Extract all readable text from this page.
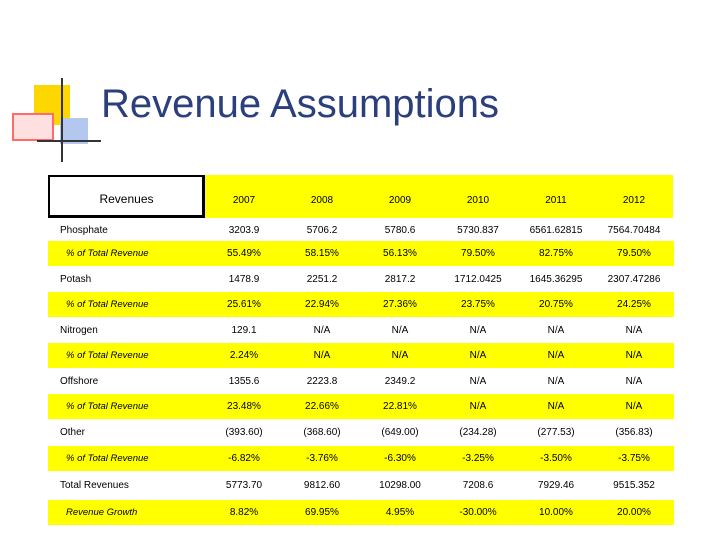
Revenue Assumptions
Revenues	2007	2008	2009	2010	2011	2012
Phosphate	3203.9	5706.2	5780.6	5730.837	6561.62815	7564.70484
% of Total Revenue	55.49%	58.15%	56.13%	79.50%	82.75%	79.50%
Potash	1478.9	2251.2	2817.2	1712.0425	1645.36295	2307.47286
% of Total Revenue	25.61%	22.94%	27.36%	23.75%	20.75%	24.25%
Nitrogen	129.1	N/A	N/A	N/A	N/A	N/A
% of Total Revenue	2.24%	N/A	N/A	N/A	N/A	N/A
Offshore	1355.6	2223.8	2349.2	N/A	N/A	N/A
% of Total Revenue	23.48%	22.66%	22.81%	N/A	N/A	N/A
Other	(393.60)	(368.60)	(649.00)	(234.28)	(277.53)	(356.83)
% of Total Revenue	-6.82%	-3.76%	-6.30%	-3.25%	-3.50%	-3.75%
Total Revenues	5773.70	9812.60	10298.00	7208.6	7929.46	9515.352
Revenue Growth	8.82%	69.95%	4.95%	-30.00%	10.00%	20.00%
